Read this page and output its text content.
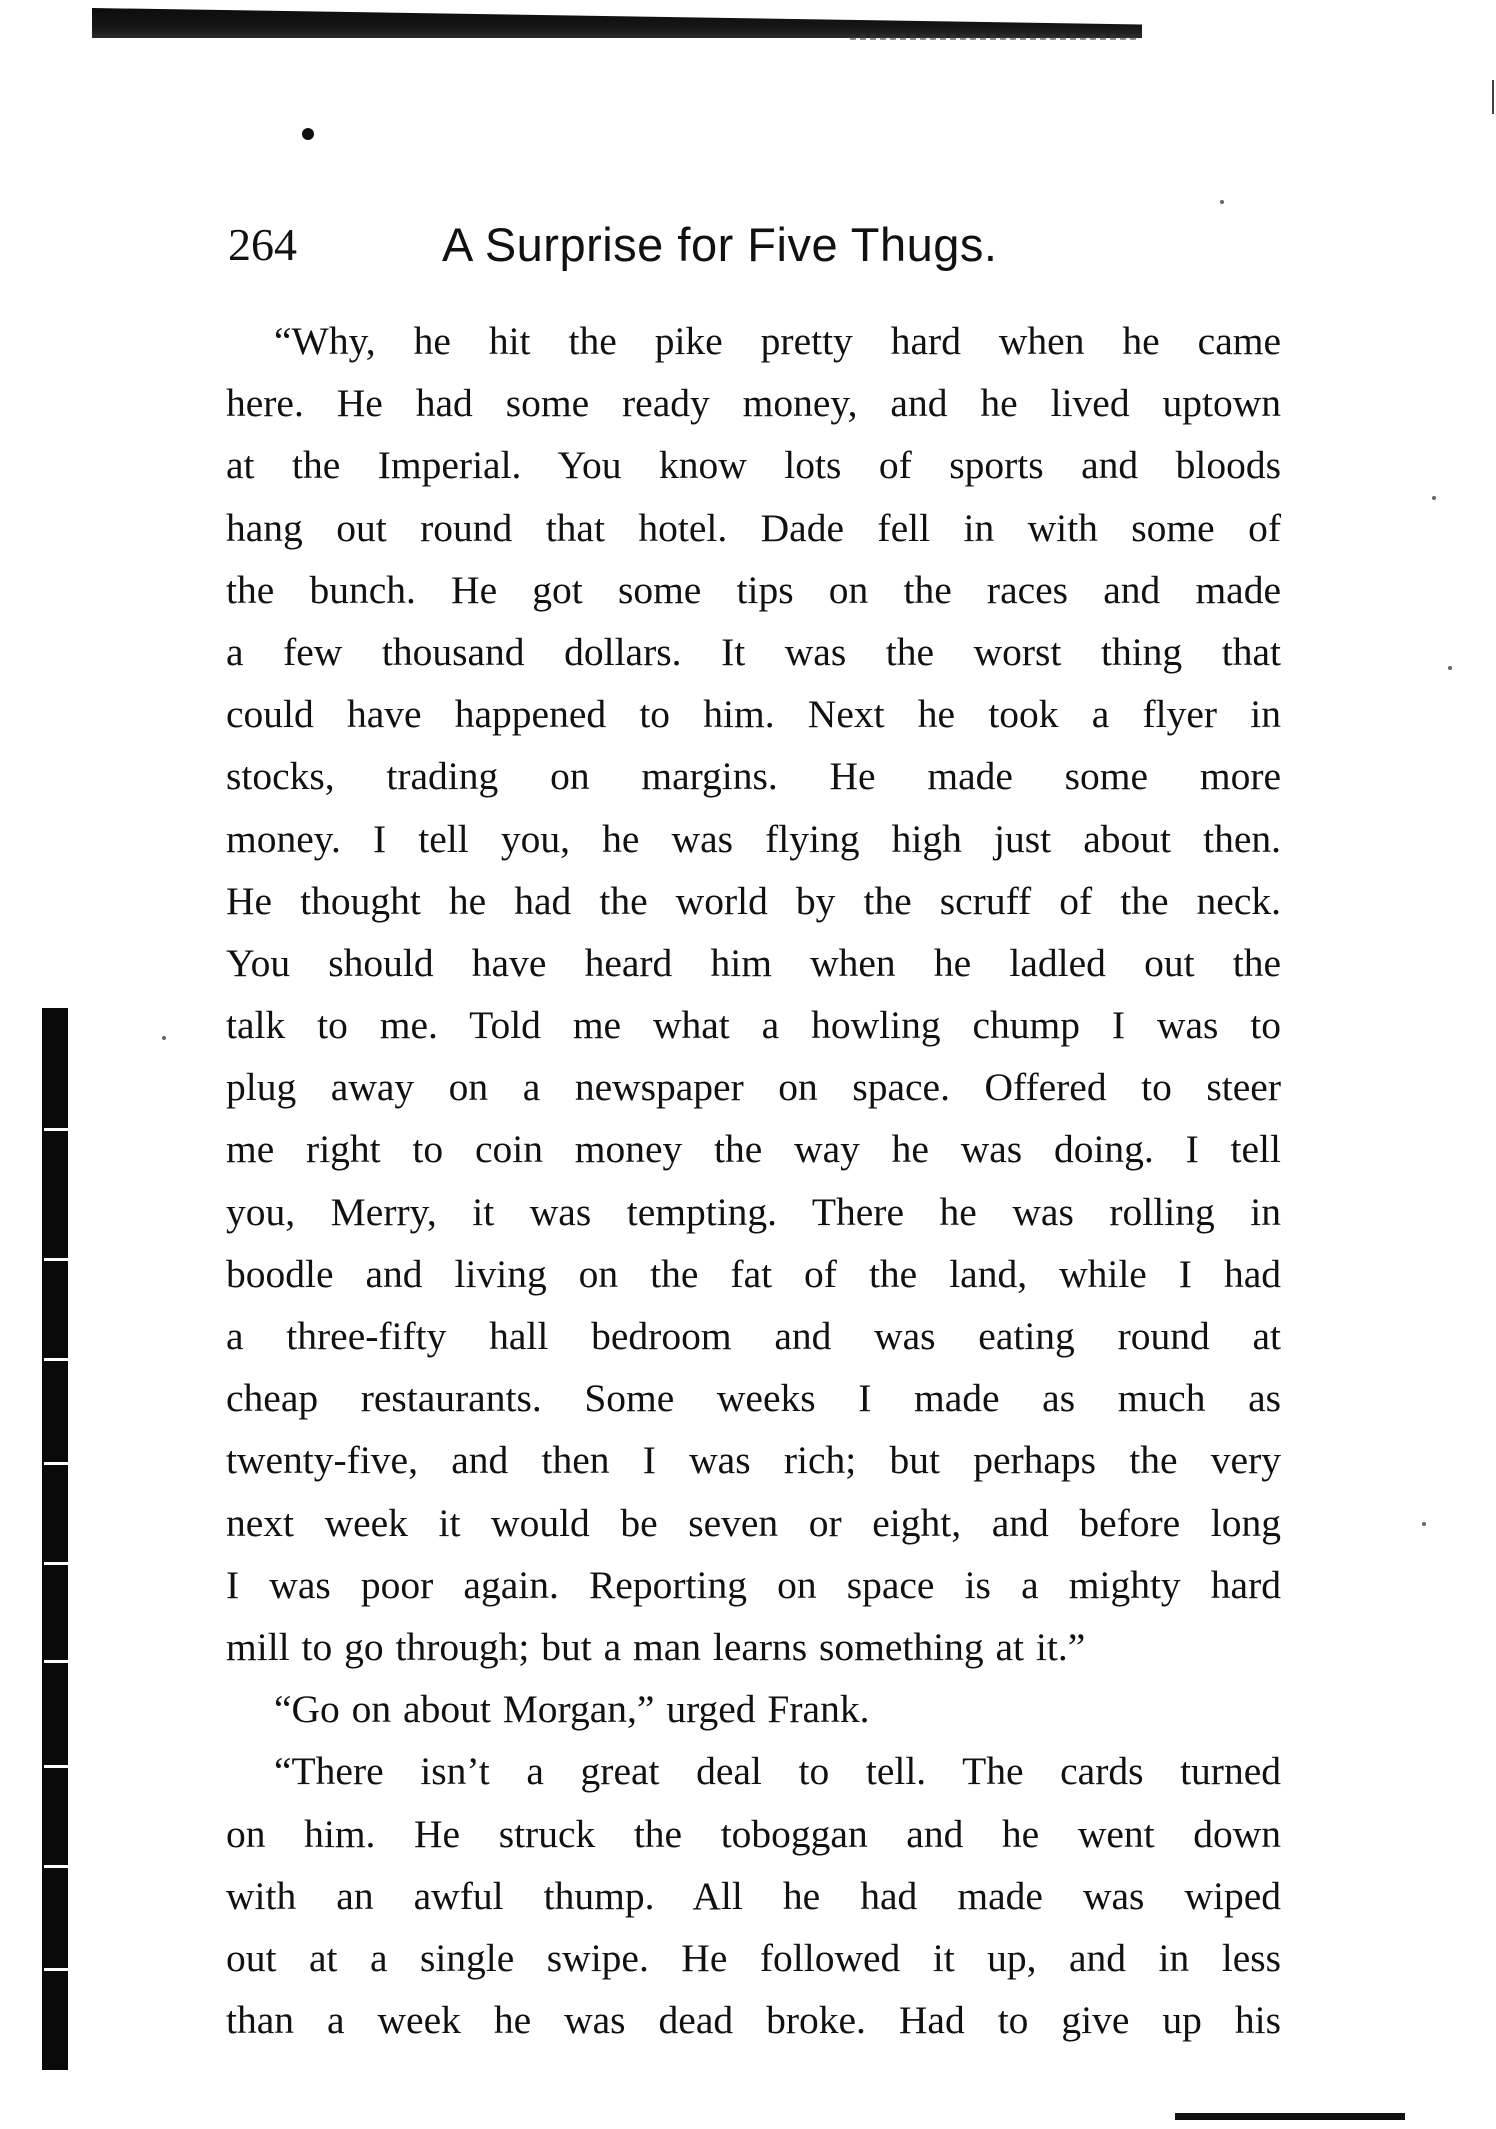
264	A Surprise for Five Thugs.
“Why, he hit the pike pretty hard when he came
here. He had some ready money, and he lived uptown
at the Imperial. You know lots of sports and bloods
hang out round that hotel. Dade fell in with some of
the bunch. He got some tips on the races and made
a few thousand dollars. It was the worst thing that
could have happened to him. Next he took a flyer in
stocks, trading on margins. He made some more
money. I tell you, he was flying high just about then.
He thought he had the world by the scruff of the neck.
You should have heard him when he ladled out the
talk to me. Told me what a howling chump I was to
plug away on a newspaper on space. Offered to steer
me right to coin money the way he was doing. I tell
you, Merry, it was tempting. There he was rolling in
boodle and living on the fat of the land, while I had
a three-fifty hall bedroom and was eating round at
cheap restaurants. Some weeks I made as much as
twenty-five, and then I was rich; but perhaps the very
next week it would be seven or eight, and before long
I was poor again. Reporting on space is a mighty hard
mill to go through; but a man learns something at it.”
“Go on about Morgan,” urged Frank.
“There isn’t a great deal to tell. The cards turned
on him. He struck the toboggan and he went down
with an awful thump. All he had made was wiped
out at a single swipe. He followed it up, and in less
than a week he was dead broke. Had to give up his
